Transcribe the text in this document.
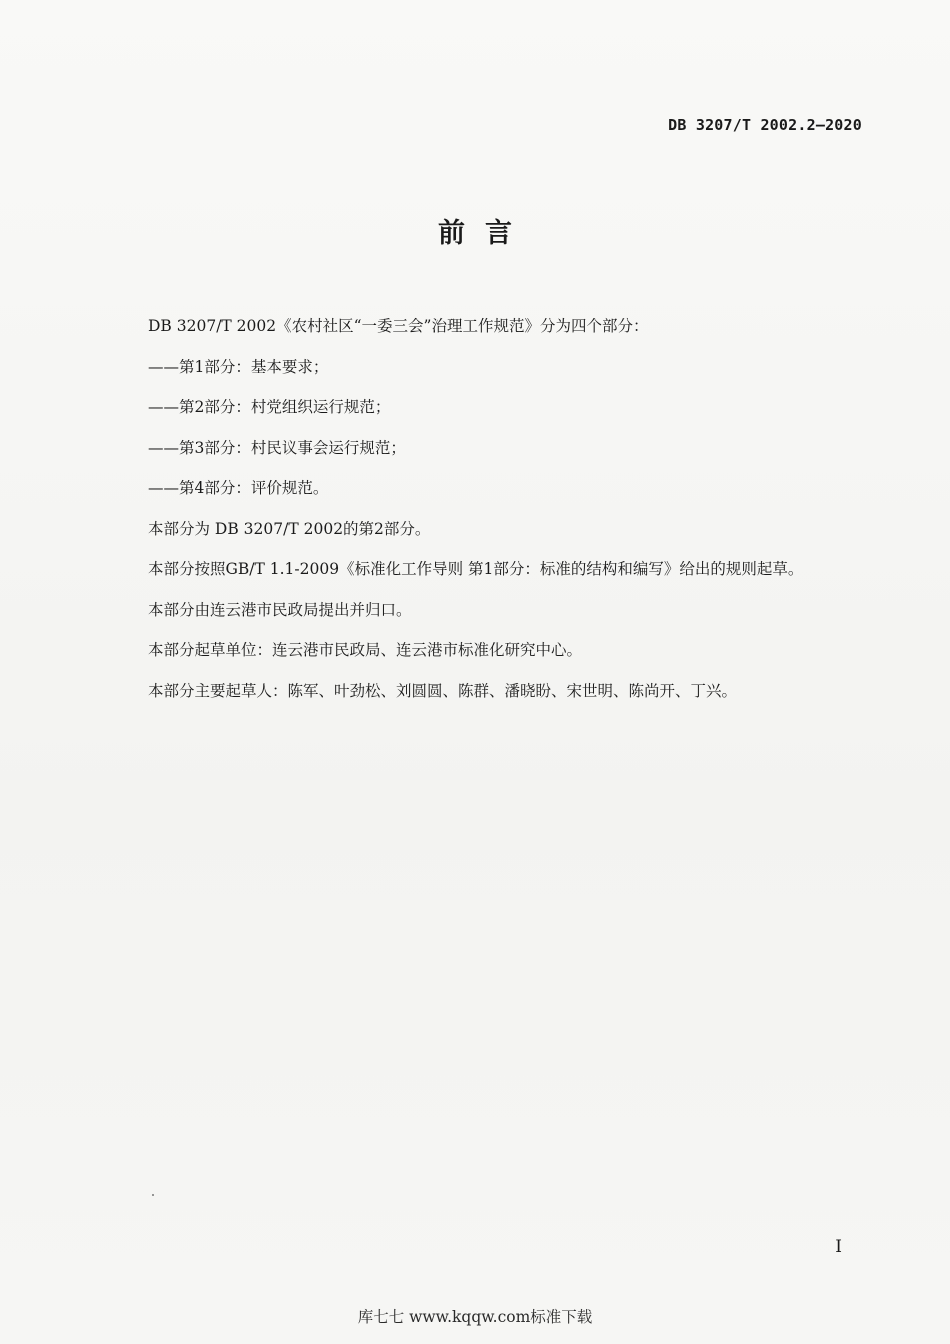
DB 3207/T 2002.2—2020
前言
DB 3207/T 2002《农村社区“一委三会”治理工作规范》分为四个部分：
——第1部分：基本要求；
——第2部分：村党组织运行规范；
——第3部分：村民议事会运行规范；
——第4部分：评价规范。
本部分为 DB 3207/T 2002的第2部分。
本部分按照GB/T 1.1-2009《标准化工作导则 第1部分：标准的结构和编写》给出的规则起草。
本部分由连云港市民政局提出并归口。
本部分起草单位：连云港市民政局、连云港市标准化研究中心。
本部分主要起草人：陈军、叶劲松、刘圆圆、陈群、潘晓盼、宋世明、陈尚开、丁兴。
I
库七七 www.kqqw.com标准下载
